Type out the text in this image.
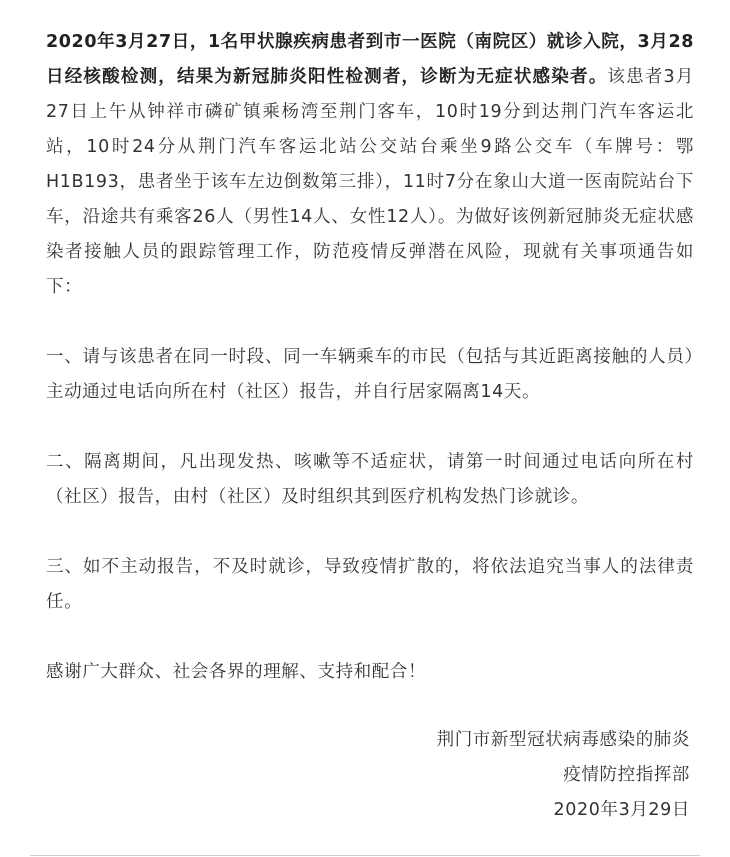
2020年3月27日，1名甲状腺疾病患者到市一医院（南院区）就诊入院，3月28日经核酸检测，结果为新冠肺炎阳性检测者，诊断为无症状感染者。该患者3月27日上午从钟祥市磷矿镇乘杨湾至荆门客车，10时19分到达荆门汽车客运北站，10时24分从荆门汽车客运北站公交站台乘坐9路公交车（车牌号：鄂H1B193，患者坐于该车左边倒数第三排），11时7分在象山大道一医南院站台下车，沿途共有乘客26人（男性14人、女性12人）。为做好该例新冠肺炎无症状感染者接触人员的跟踪管理工作，防范疫情反弹潜在风险，现就有关事项通告如下：

一、请与该患者在同一时段、同一车辆乘车的市民（包括与其近距离接触的人员）主动通过电话向所在村（社区）报告，并自行居家隔离14天。

二、隔离期间，凡出现发热、咳嗽等不适症状，请第一时间通过电话向所在村（社区）报告，由村（社区）及时组织其到医疗机构发热门诊就诊。

三、如不主动报告，不及时就诊，导致疫情扩散的，将依法追究当事人的法律责任。

感谢广大群众、社会各界的理解、支持和配合！

荆门市新型冠状病毒感染的肺炎
疫情防控指挥部
2020年3月29日
